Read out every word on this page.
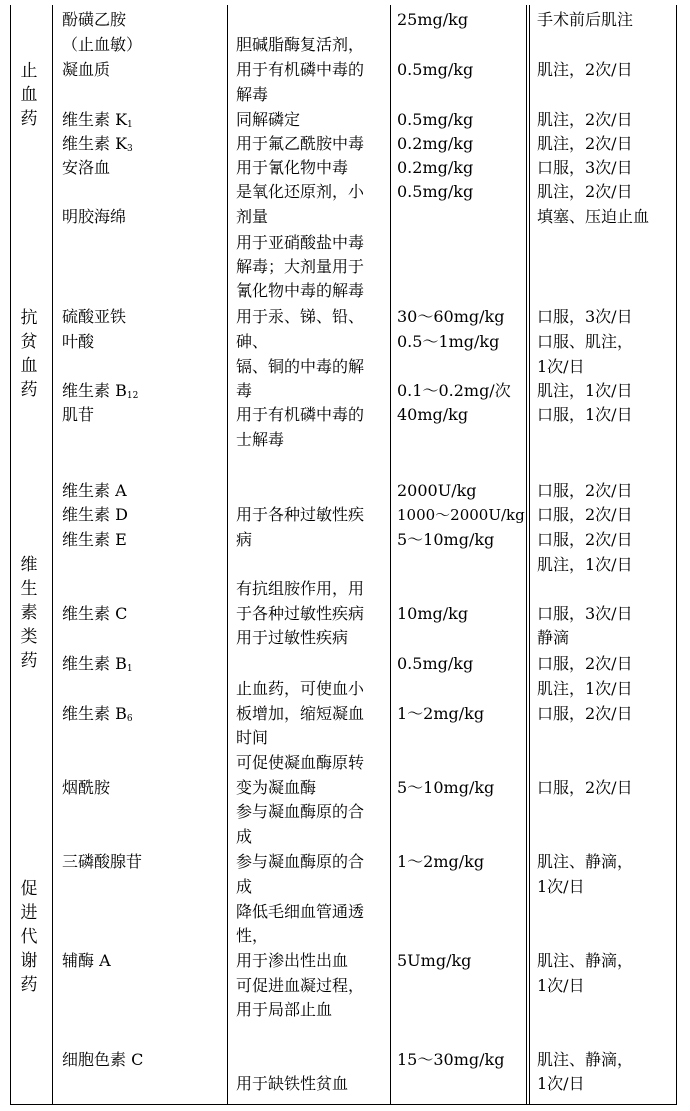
止
血
药
抗
贫
血
药
维
生
素
类
药
促
进
代
谢
药
酚磺乙胺
（止血敏）
凝血质
维生素 $K_1$
维生素 $K_3$
安洛血
明胶海绵
硫酸亚铁
叶酸
维生素 $B_{12}$
肌苷
维生素 A
维生素 D
维生素 E
维生素 C
维生素 $B_1$
维生素 $B_6$
烟酰胺
三磷酸腺苷
辅酶 A
细胞色素 C
胆碱脂酶复活剂，
用于有机磷中毒的
解毒
同解磷定
用于氟乙酰胺中毒
用于氰化物中毒
是氧化还原剂，小
剂量
用于亚硝酸盐中毒
解毒；大剂量用于
氰化物中毒的解毒
用于汞、锑、铅、
砷、
镉、铜的中毒的解
毒
用于有机磷中毒的
士解毒
用于各种过敏性疾
病
有抗组胺作用，用
于各种过敏性疾病
用于过敏性疾病
止血药，可使血小
板增加，缩短凝血
时间
可促使凝血酶原转
变为凝血酶
参与凝血酶原的合
成
参与凝血酶原的合
成
降低毛细血管通透
性，
用于渗出性出血
可促进血凝过程，
用于局部止血
用于缺铁性贫血
25mg/kg
0.5mg/kg
0.5mg/kg
0.2mg/kg
0.2mg/kg
0.5mg/kg
30～60mg/kg
0.5～1mg/kg
0.1～0.2mg/次
40mg/kg
2000U/kg
1000～2000U/kg
5～10mg/kg
10mg/kg
0.5mg/kg
1～2mg/kg
5～10mg/kg
1～2mg/kg
5Umg/kg
15～30mg/kg
手术前后肌注
肌注，2次/日
肌注，2次/日
肌注，2次/日
口服，3次/日
肌注，2次/日
填塞、压迫止血
口服，3次/日
口服、肌注，
1次/日
肌注，1次/日
口服，1次/日
口服，2次/日
口服，2次/日
口服，2次/日
肌注，1次/日
口服，3次/日
静滴
口服，2次/日
肌注，1次/日
口服，2次/日
口服，2次/日
肌注、静滴，
1次/日
肌注、静滴，
1次/日
肌注、静滴，
1次/日
